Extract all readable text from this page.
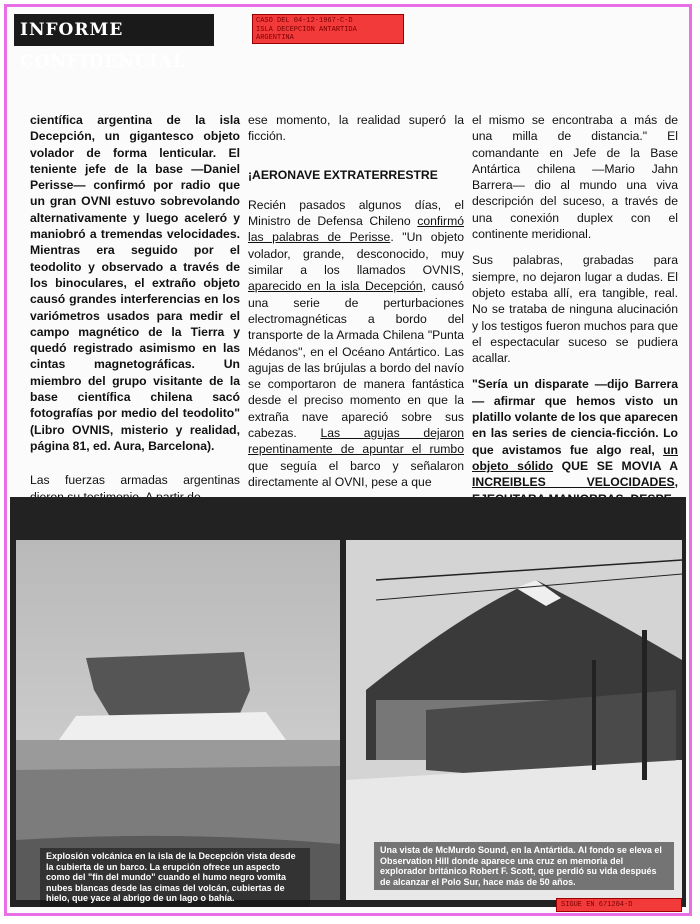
INFORME CONFIDENCIAL
CASO DEL 04-12-1967-C-D
ISLA DECEPCION ANTARTIDA
ARGENTINA

científica argentina de la isla Decepción, un gigantesco objeto volador de forma lenticular. El teniente jefe de la base —Daniel Perisse— confirmó por radio que un gran OVNI estuvo sobrevolando alternativamente y luego aceleró y maniobró a tremendas velocidades. Mientras era seguido por el teodolito y observado a través de los binoculares, el extraño objeto causó grandes interferencias en los variómetros usados para medir el campo magnético de la Tierra y quedó registrado asimismo en las cintas magnetográficas. Un miembro del grupo visitante de la base científica chilena sacó fotografías por medio del teodolito" (Libro OVNIS, misterio y realidad, página 81, ed. Aura, Barcelona).

Las fuerzas armadas argentinas

ese momento, la realidad superó la ficción.

¡AERONAVE EXTRATERRESTRE

Recién pasados algunos días, el Ministro de Defensa Chileno confirmó las palabras de Perisse. "Un objeto volador, grande, desconocido, muy similar a los llamados OVNIS, aparecido en la isla Decepción, causó una serie de perturbaciones electromagnéticas a bordo del transporte de la Armada Chilena "Punta Médanos", en el Océano Antártico. Las agujas de las brújulas a bordo del navío se comportaron de manera fantástica desde el preciso momento en que la extraña nave apareció sobre sus cabezas. Las agujas dejaron repentinamente de apuntar el rumbo que seguía el barco y señalaron directamente al OVNI, pese a que

el mismo se encontraba a más de una milla de distancia." El comandante en Jefe de la Base Antártica chilena —Mario Jahn Barrera— dio al mundo una viva descripción del suceso, a través de una conexión duplex con el continente meridional.

Sus palabras, grabadas para siempre, no dejaron lugar a dudas. El objeto estaba allí, era tangible, real. No se trataba de ninguna alucinación y los testigos fueron muchos para que el espectacular suceso se pudiera acallar.

"Sería un disparate —dijo Barrera— afirmar que hemos visto un platillo volante de los que aparecen en las series de ciencia-ficción. Lo que avistamos fue algo real, un objeto sólido QUE SE MOVIA A INCREIBLES VELOCIDADES,

Explosión volcánica en la isla de la Decepción vista desde la cubierta de un barco. La erupción ofrece un aspecto como del "fin del mundo" cuando el humo negro vomita nubes blancas desde las cimas del volcán, cubiertas de hielo, que yace al abrigo de un lago o bahía.
Una vista de McMurdo Sound, en la Antártida. Al fondo se eleva el Observation Hill donde aparece una cruz en memoria del explorador británico Robert F. Scott, que perdió su vida después de alcanzar el Polo Sur, hace más de 50 años.
SIGUE EN 671204-D
